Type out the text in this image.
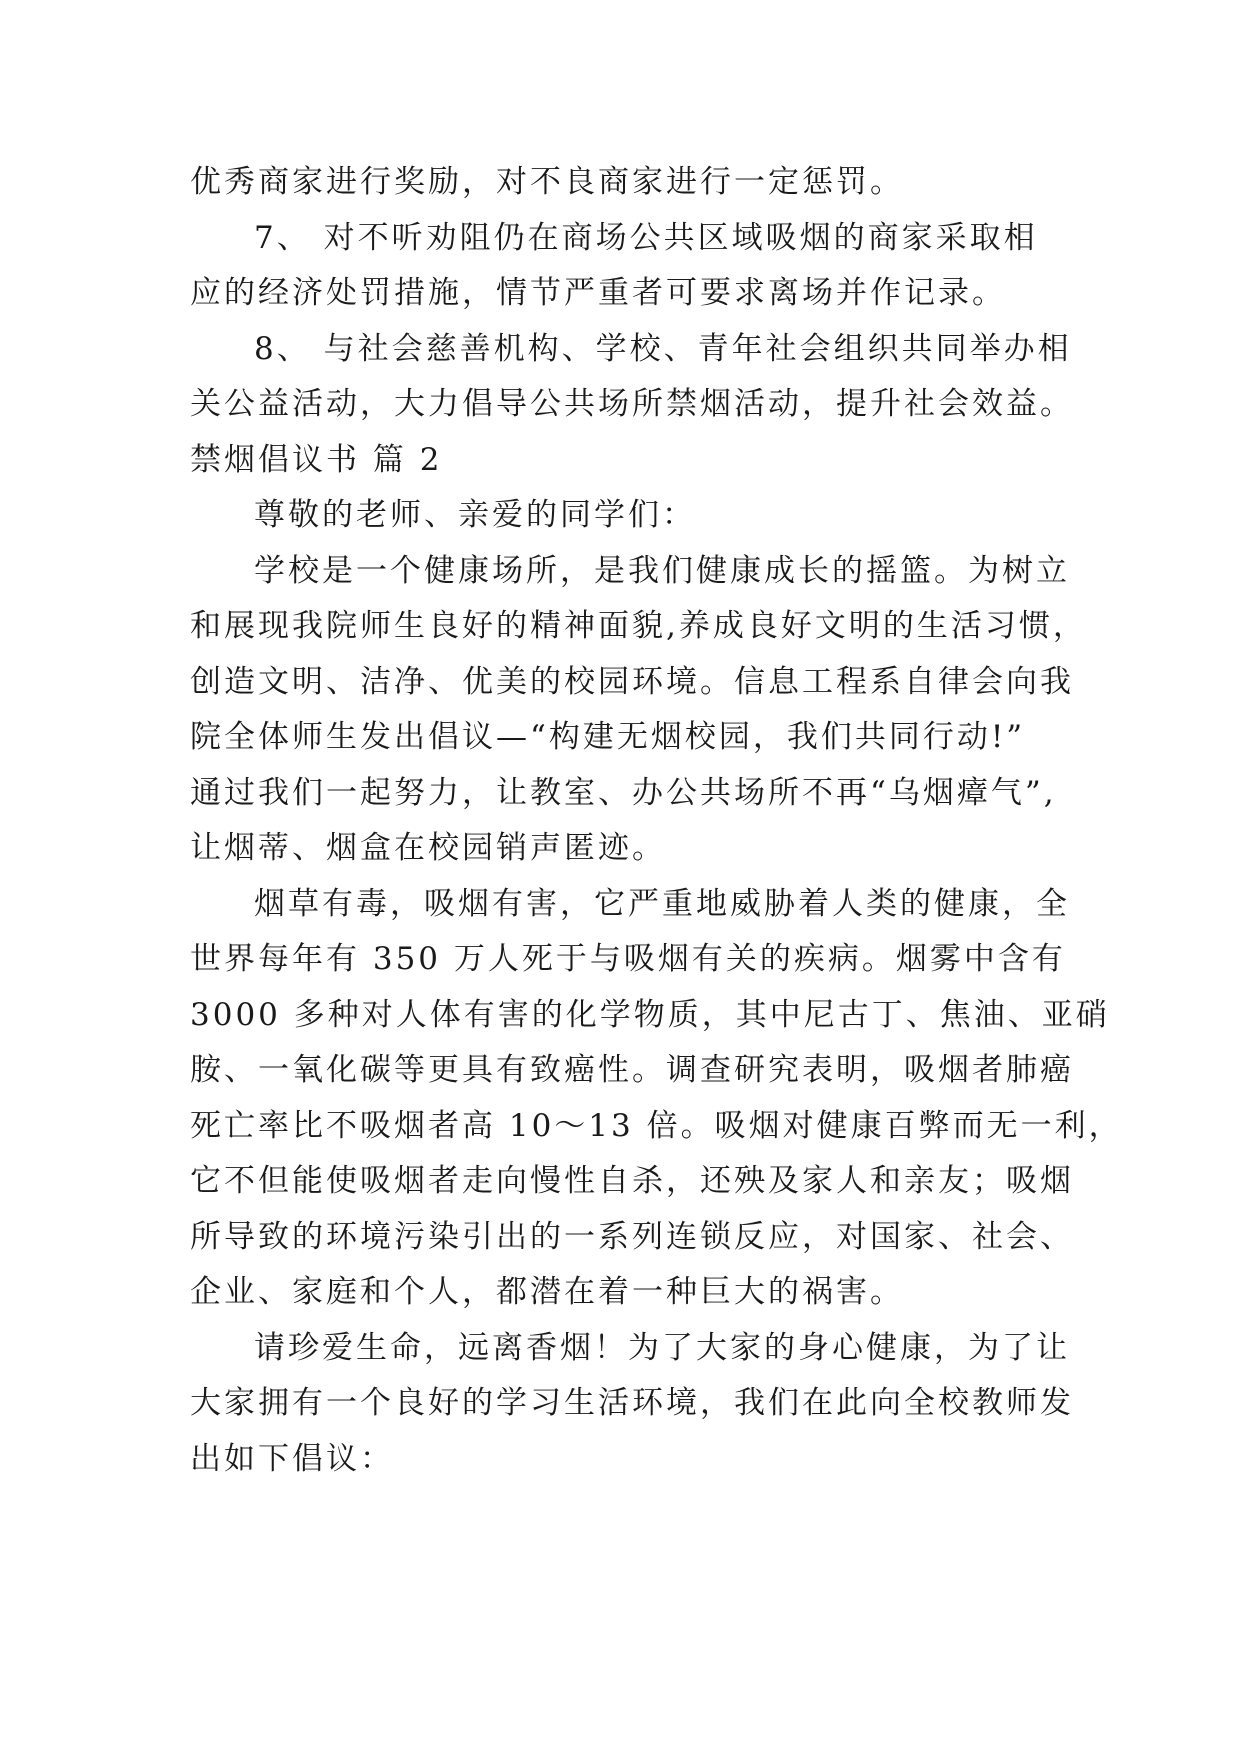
优秀商家进行奖励，对不良商家进行一定惩罚。
7、 对不听劝阻仍在商场公共区域吸烟的商家采取相
应的经济处罚措施，情节严重者可要求离场并作记录。
8、 与社会慈善机构、学校、青年社会组织共同举办相
关公益活动，大力倡导公共场所禁烟活动，提升社会效益。
禁烟倡议书 篇 2
尊敬的老师、亲爱的同学们：
学校是一个健康场所，是我们健康成长的摇篮。为树立
和展现我院师生良好的精神面貌,养成良好文明的生活习惯，
创造文明、洁净、优美的校园环境。信息工程系自律会向我
院全体师生发出倡议—“构建无烟校园，我们共同行动!”
通过我们一起努力，让教室、办公共场所不再“乌烟瘴气”,
让烟蒂、烟盒在校园销声匿迹。
烟草有毒，吸烟有害，它严重地威胁着人类的健康，全
世界每年有 350 万人死于与吸烟有关的疾病。烟雾中含有
3000 多种对人体有害的化学物质，其中尼古丁、焦油、亚硝
胺、一氧化碳等更具有致癌性。调查研究表明，吸烟者肺癌
死亡率比不吸烟者高 10～13 倍。吸烟对健康百弊而无一利，
它不但能使吸烟者走向慢性自杀，还殃及家人和亲友；吸烟
所导致的环境污染引出的一系列连锁反应，对国家、社会、
企业、家庭和个人，都潜在着一种巨大的祸害。
请珍爱生命，远离香烟！为了大家的身心健康，为了让
大家拥有一个良好的学习生活环境，我们在此向全校教师发
出如下倡议：
